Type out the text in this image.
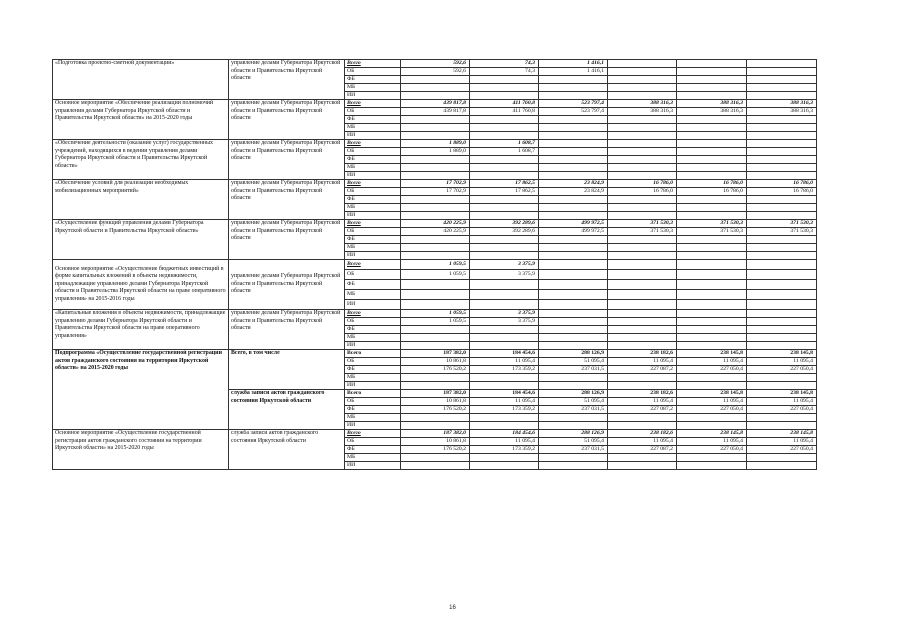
«Подготовка проектно-сметной документации»	управление делами Губернатора Иркутской области и Правительства Иркутской области	Всего	592,6	74,3	1 416,1			
		ОБ	592,6	74,3	1 416,1			
		ФБ						
		МБ						
		ИИ						
Основное мероприятие «Обеспечение реализации полномочий управления делами Губернатора Иркутской области и Правительства Иркутской области» на 2015-2020 годы	управление делами Губернатора Иркутской области и Правительства Иркутской области	Всего	439 817,8	411 760,8	523 797,4	388 316,3	388 316,3	388 316,3
		ОБ	439 817,8	411 760,8	523 797,4	388 316,3	388 316,3	388 316,3
		ФБ						
		МБ						
		ИИ						
«Обеспечение деятельности (оказание услуг) государственных учреждений, находящихся в ведении управления делами Губернатора Иркутской области и Правительства Иркутской области»	управление делами Губернатора Иркутской области и Правительства Иркутской области	Всего	1 889,0	1 608,7				
		ОБ	1 889,0	1 608,7				
		ФБ						
		МБ						
		ИИ						
«Обеспечение условий для реализации необходимых мобилизационных мероприятий»	управление делами Губернатора Иркутской области и Правительства Иркутской области	Всего	17 702,9	17 862,5	23 824,9	16 786,0	16 786,0	16 786,0
		ОБ	17 702,9	17 862,5	23 824,9	16 786,0	16 786,0	16 786,0
		ФБ						
		МБ						
		ИИ						
«Осуществление функций управления делами Губернатора Иркутской области и Правительства Иркутской области»	управление делами Губернатора Иркутской области и Правительства Иркутской области	Всего	420 225,9	392 289,6	499 972,5	371 530,3	371 530,3	371 530,3
		ОБ	420 225,9	392 289,6	499 972,5	371 530,3	371 530,3	371 530,3
		ФБ						
		МБ						
		ИИ						
Основное мероприятие «Осуществление бюджетных инвестиций в форме капитальных вложений в объекты недвижимости, принадлежащие управлению делами Губернатора Иркутской области и Правительства Иркутской области на праве оперативного управления» на 2015-2016 годы	управление делами Губернатора Иркутской области и Правительства Иркутской области	Всего	1 059,5	3 375,9				
		ОБ	1 059,5	3 375,9				
		ФБ						
		МБ						
		ИИ						
«Капитальные вложения в объекты недвижимости, принадлежащие управлению делами Губернатора Иркутской области и Правительства Иркутской области на праве оперативного управления»	управление делами Губернатора Иркутской области и Правительства Иркутской области	Всего	1 059,5	3 375,9				
		ОБ	1 059,5	3 375,9				
		ФБ						
		МБ						
		ИИ						
Подпрограмма «Осуществление государственной регистрации актов гражданского состояния на территории Иркутской области» на 2015-2020 годы	Всего, в том числе	Всего	187 382,0	184 454,6	288 126,9	238 182,6	238 145,8	238 145,8
		ОБ	10 861,8	11 095,4	51 095,4	11 095,4	11 095,4	11 095,4
		ФБ	176 520,2	173 359,2	237 031,5	227 087,2	227 050,4	227 050,4
		МБ						
		ИИ						
	служба записи актов гражданского состояния Иркутской области	Всего	187 382,0	184 454,6	288 126,9	238 182,6	238 145,8	238 145,8
		ОБ	10 861,8	11 095,4	51 095,4	11 095,4	11 095,4	11 095,4
		ФБ	176 520,2	173 359,2	237 031,5	227 087,2	227 050,4	227 050,4
		МБ						
		ИИ						
Основное мероприятие «Осуществление государственной регистрации актов гражданского состояния на территории Иркутской области» на 2015-2020 годы	служба записи актов гражданского состояния Иркутской области	Всего	187 382,0	184 454,6	288 126,9	238 182,6	238 145,8	238 145,8
		ОБ	10 861,8	11 095,4	51 095,4	11 095,4	11 095,4	11 095,4
		ФБ	176 520,2	173 359,2	237 031,5	227 087,2	227 050,4	227 050,4
		МБ						
		ИИ						
16
